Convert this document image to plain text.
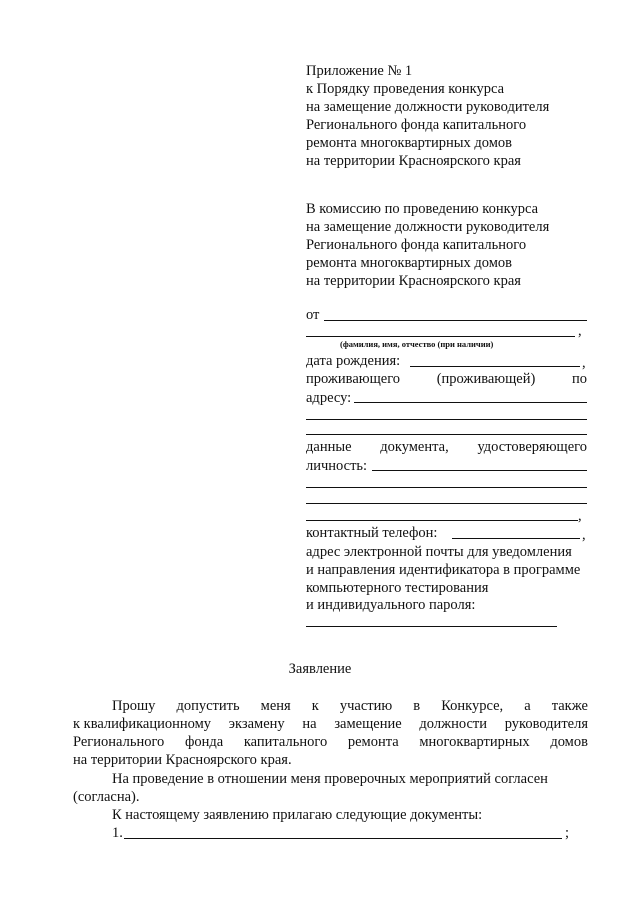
Приложение № 1
к Порядку проведения конкурса
на замещение должности руководителя
Регионального фонда капитального
ремонта многоквартирных домов
на территории Красноярского края
В комиссию по проведению конкурса
на замещение должности руководителя
Регионального фонда капитального
ремонта многоквартирных домов
на территории Красноярского края
от
,
(фамилия, имя, отчество (при наличии)
дата рождения:	,
проживающего	(проживающей)	по
адресу:
данные документа, удостоверяющего
личность:
,
контактный телефон:	,
адрес электронной почты для уведомления
и направления идентификатора в программе
компьютерного тестирования
и индивидуального пароля:
Заявление
Прошу допустить меня к участию в Конкурсе, а также
к квалификационному экзамену на замещение должности руководителя
Регионального фонда капитального ремонта многоквартирных домов
на территории Красноярского края.
На проведение в отношении меня проверочных мероприятий согласен
(согласна).
К настоящему заявлению прилагаю следующие документы:
1.	;
